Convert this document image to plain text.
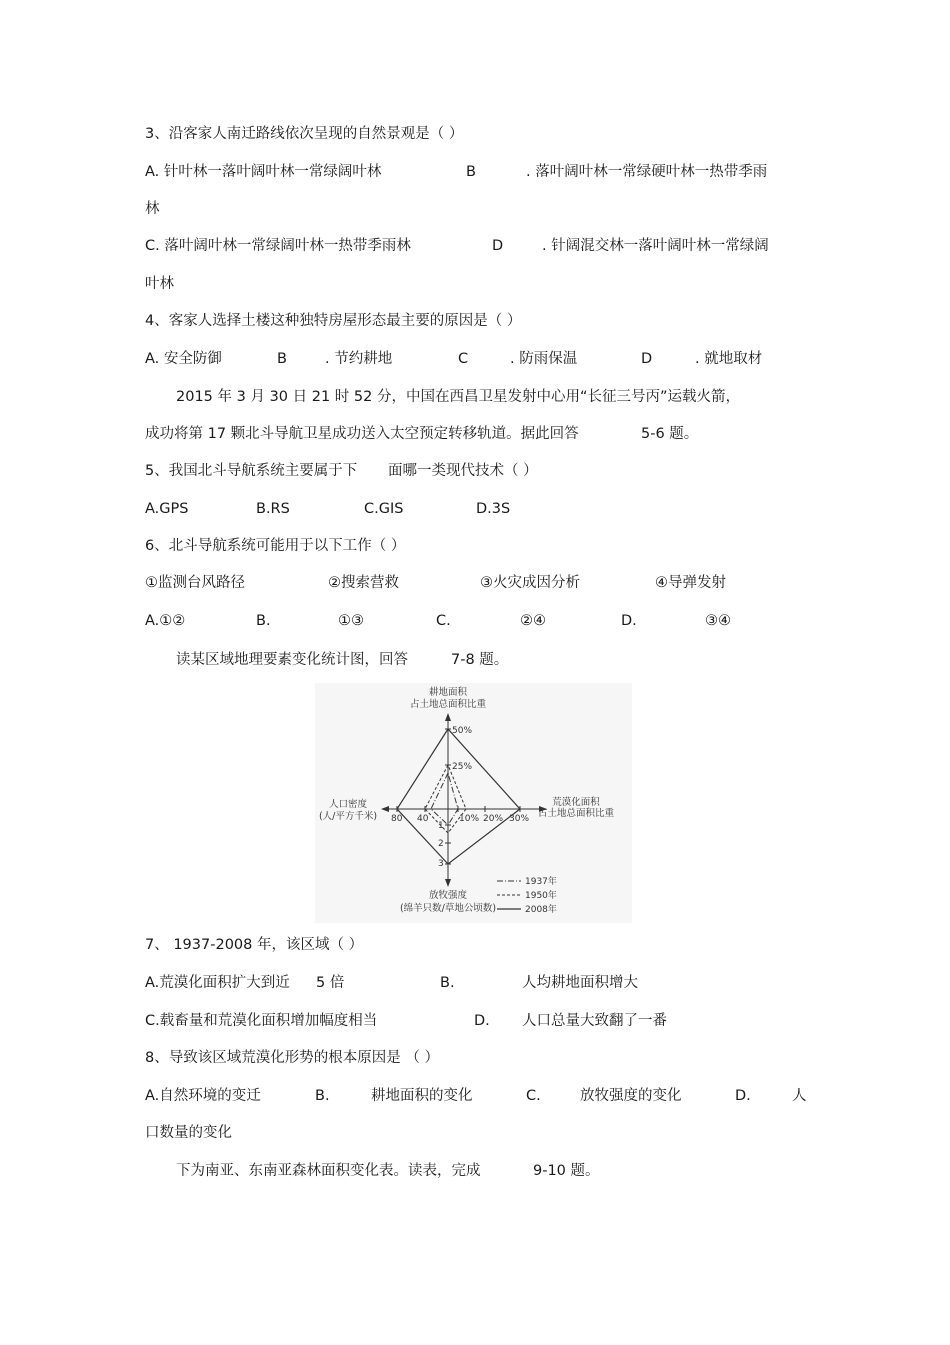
3、沿客家人南迁路线依次呈现的自然景观是（ ）
A. 针叶林一落叶阔叶林一常绿阔叶林	B	. 落叶阔叶林一常绿硬叶林一热带季雨
林
C. 落叶阔叶林一常绿阔叶林一热带季雨林	D	. 针阔混交林一落叶阔叶林一常绿阔
叶林
4、客家人选择土楼这种独特房屋形态最主要的原因是（ ）
A. 安全防御	B	. 节约耕地	C	. 防雨保温	D	. 就地取材
2015 年 3 月 30 日 21 时 52 分，中国在西昌卫星发射中心用“长征三号丙”运载火箭，
成功将第 17 颗北斗导航卫星成功送入太空预定转移轨道。据此回答	5-6 题。
5、我国北斗导航系统主要属于下 面哪一类现代技术（ ）
A.GPS	B.RS	C.GIS	D.3S
6、北斗导航系统可能用于以下工作（ ）
①监测台风路径	②搜索营救	③火灾成因分析	④导弹发射
A.①②	B.	①③	C.	②④	D.	③④
读某区域地理要素变化统计图，回答	7-8 题。
50%
25%
80 40	10% 20% 30%
1
2
3
耕地面积
占土地总面积比重
人口密度
(人/平方千米)
荒漠化面积
占土地总面积比重
放牧强度
(绵羊只数/草地公顷数)
1937年
1950年
2008年
7、 1937-2008 年，该区域（ ）
A.荒漠化面积扩大到近 5 倍	B.	人均耕地面积增大
C.载畜量和荒漠化面积增加幅度相当	D. 人口总量大致翻了一番
8、导致该区域荒漠化形势的根本原因是 （ ）
A.自然环境的变迁	B.	耕地面积的变化	C.	放牧强度的变化	D.	人
口数量的变化
下为南亚、东南亚森林面积变化表。读表，完成	9-10 题。
